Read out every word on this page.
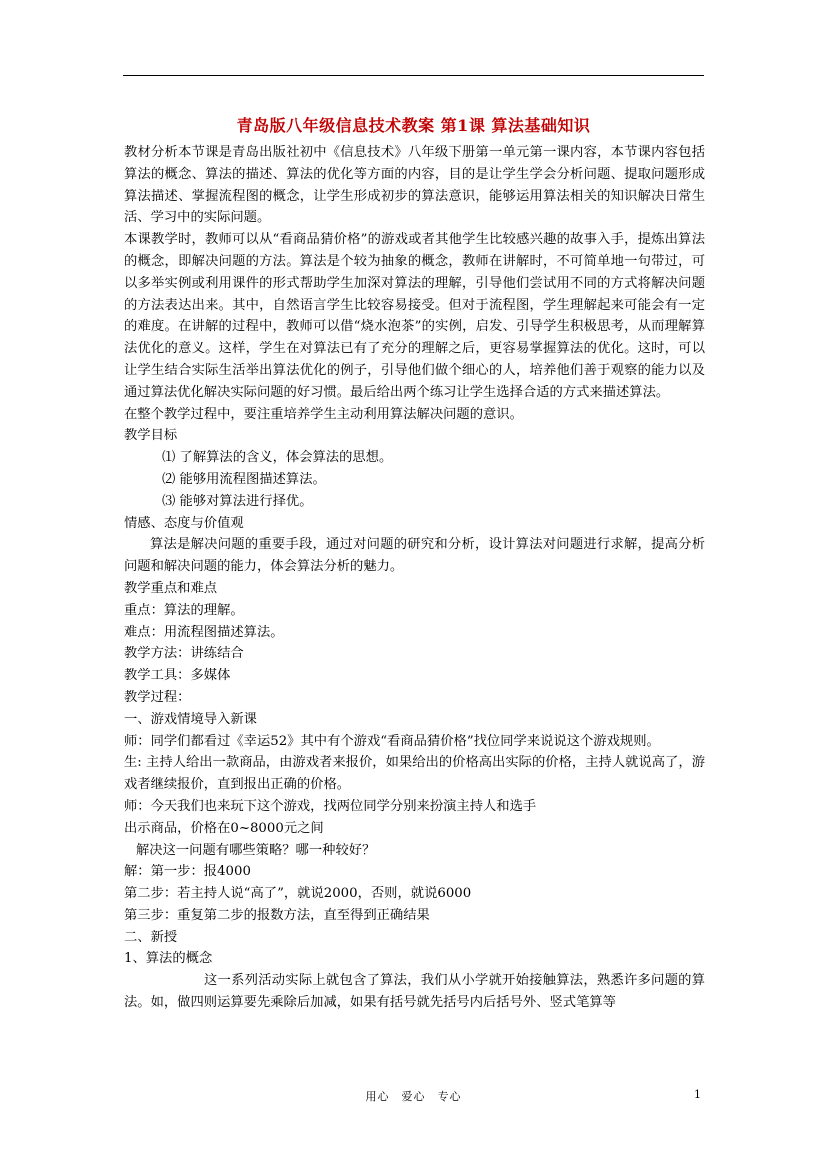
青岛版八年级信息技术教案 第1课 算法基础知识

教材分析本节课是青岛出版社初中《信息技术》八年级下册第一单元第一课内容，本节课内容包括算法的概念、算法的描述、算法的优化等方面的内容，目的是让学生学会分析问题、提取问题形成算法描述、掌握流程图的概念，让学生形成初步的算法意识，能够运用算法相关的知识解决日常生活、学习中的实际问题。

本课教学时，教师可以从“看商品猜价格”的游戏或者其他学生比较感兴趣的故事入手，提炼出算法的概念，即解决问题的方法。算法是个较为抽象的概念，教师在讲解时，不可简单地一句带过，可以多举实例或利用课件的形式帮助学生加深对算法的理解，引导他们尝试用不同的方式将解决问题的方法表达出来。其中，自然语言学生比较容易接受。但对于流程图，学生理解起来可能会有一定的难度。在讲解的过程中，教师可以借“烧水泡茶”的实例，启发、引导学生积极思考，从而理解算法优化的意义。这样，学生在对算法已有了充分的理解之后，更容易掌握算法的优化。这时，可以让学生结合实际生活举出算法优化的例子，引导他们做个细心的人，培养他们善于观察的能力以及通过算法优化解决实际问题的好习惯。最后给出两个练习让学生选择合适的方式来描述算法。

在整个教学过程中，要注重培养学生主动利用算法解决问题的意识。

教学目标

⑴ 了解算法的含义，体会算法的思想。

⑵ 能够用流程图描述算法。

⑶ 能够对算法进行择优。

情感、态度与价值观

算法是解决问题的重要手段，通过对问题的研究和分析，设计算法对问题进行求解，提高分析问题和解决问题的能力，体会算法分析的魅力。

教学重点和难点

重点：算法的理解。

难点：用流程图描述算法。

教学方法：讲练结合

教学工具：多媒体

教学过程：

一、游戏情境导入新课

师：同学们都看过《幸运52》其中有个游戏“看商品猜价格”找位同学来说说这个游戏规则。

生: 主持人给出一款商品，由游戏者来报价，如果给出的价格高出实际的价格，主持人就说高了，游戏者继续报价，直到报出正确的价格。

师：今天我们也来玩下这个游戏，找两位同学分别来扮演主持人和选手

出示商品，价格在0~8000元之间

解决这一问题有哪些策略？哪一种较好？

解：第一步：报4000

第二步：若主持人说“高了”，就说2000，否则，就说6000

第三步：重复第二步的报数方法，直至得到正确结果

二、新授

1、算法的概念

这一系列活动实际上就包含了算法，我们从小学就开始接触算法，熟悉许多问题的算法。如，做四则运算要先乘除后加减，如果有括号就先括号内后括号外、竖式笔算等

用心　爱心　专心	1
